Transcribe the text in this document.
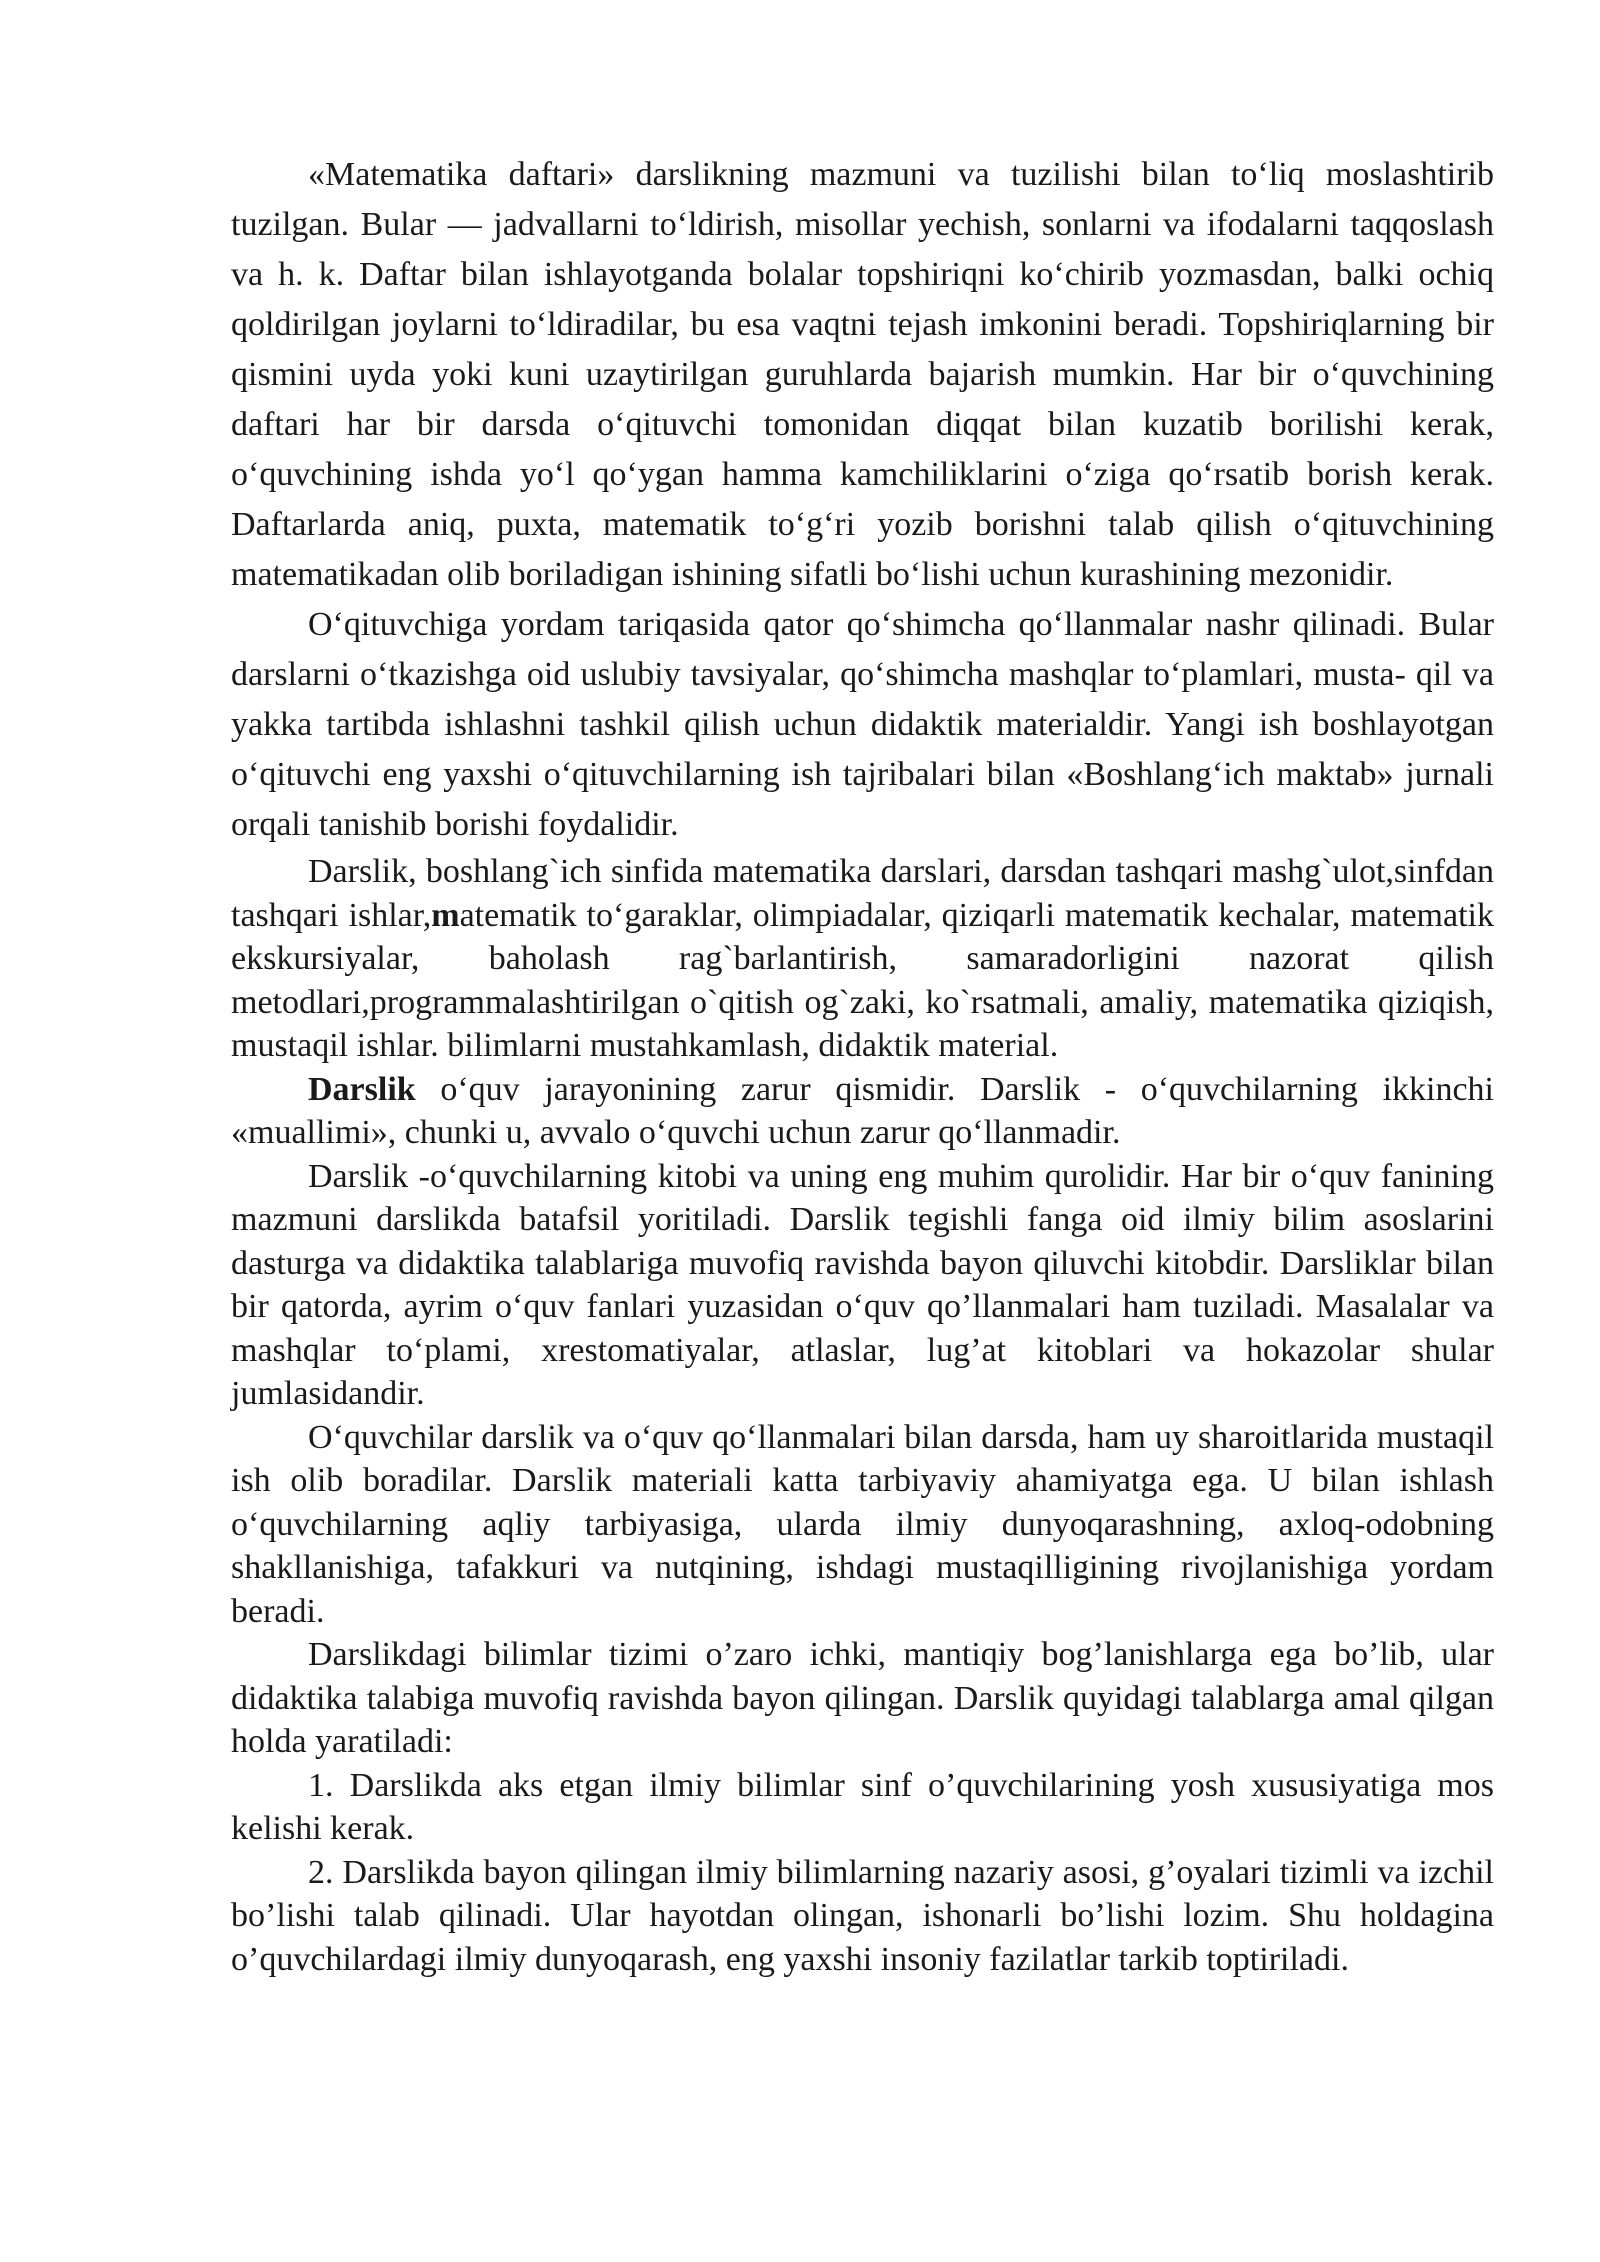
«Matematika daftari» darslikning mazmuni va tuzilishi bilan to‘liq moslashtirib tuzilgan. Bular — jadvallarni to‘ldirish, misollar yechish, sonlarni va ifodalarni taqqoslash va h. k. Daftar bilan ishlayotganda bolalar topshiriqni ko‘chirib yozmasdan, balki ochiq qoldirilgan joylarni to‘ldiradilar, bu esa vaqtni tejash imkonini beradi. Topshiriqlarning bir qismini uyda yoki kuni uzaytirilgan guruhlarda bajarish mumkin. Har bir o‘quvchining daftari har bir darsda o‘qituvchi tomonidan diqqat bilan kuzatib borilishi kerak, o‘quvchining ishda yo‘l qo‘ygan hamma kamchiliklarini o‘ziga qo‘rsatib borish kerak. Daftarlarda aniq, puxta, matematik to‘g‘ri yozib borishni talab qilish o‘qituvchining matematikadan olib boriladigan ishining sifatli bo‘lishi uchun kurashining mezonidir.

O‘qituvchiga yordam tariqasida qator qo‘shimcha qo‘llanmalar nashr qilinadi. Bular darslarni o‘tkazishga oid uslubiy tavsiyalar, qo‘shimcha mashqlar to‘plamlari, musta- qil va yakka tartibda ishlashni tashkil qilish uchun didaktik materialdir. Yangi ish boshlayotgan o‘qituvchi eng yaxshi o‘qituvchilarning ish tajribalari bilan «Boshlang‘ich maktab» jurnali orqali tanishib borishi foydalidir.

Darslik, boshlang`ich sinfida matematika darslari, darsdan tashqari mashg`ulot,sinfdan tashqari ishlar,matematik to‘garaklar, olimpiadalar, qiziqarli matematik kechalar, matematik ekskursiyalar, baholash rag`barlantirish, samaradorligini nazorat qilish metodlari,programmalashtirilgan o`qitish og`zaki, ko`rsatmali, amaliy, matematika qiziqish, mustaqil ishlar. bilimlarni mustahkamlash, didaktik material.

Darslik o‘quv jarayonining zarur qismidir. Darslik - o‘quvchilarning ikkinchi «muallimi», chunki u, avvalo o‘quvchi uchun zarur qo‘llanmadir.

Darslik -o‘quvchilarning kitobi va uning eng muhim qurolidir. Har bir o‘quv fanining mazmuni darslikda batafsil yoritiladi. Darslik tegishli fanga oid ilmiy bilim asoslarini dasturga va didaktika talablariga muvofiq ravishda bayon qiluvchi kitobdir. Darsliklar bilan bir qatorda, ayrim o‘quv fanlari yuzasidan o‘quv qo’llanmalari ham tuziladi. Masalalar va mashqlar to‘plami, xrestomatiyalar, atlaslar, lug’at kitoblari va hokazolar shular jumlasidandir.

O‘quvchilar darslik va o‘quv qo‘llanmalari bilan darsda, ham uy sharoitlarida mustaqil ish olib boradilar. Darslik materiali katta tarbiyaviy ahamiyatga ega. U bilan ishlash o‘quvchilarning aqliy tarbiyasiga, ularda ilmiy dunyoqarashning, axloq-odobning shakllanishiga, tafakkuri va nutqining, ishdagi mustaqilligining rivojlanishiga yordam beradi.

Darslikdagi bilimlar tizimi o’zaro ichki, mantiqiy bog’lanishlarga ega bo’lib, ular didaktika talabiga muvofiq ravishda bayon qilingan. Darslik quyidagi talablarga amal qilgan holda yaratiladi:

1. Darslikda aks etgan ilmiy bilimlar sinf o’quvchilarining yosh xususiyatiga mos kelishi kerak.

2. Darslikda bayon qilingan ilmiy bilimlarning nazariy asosi, g’oyalari tizimli va izchil bo’lishi talab qilinadi. Ular hayotdan olingan, ishonarli bo’lishi lozim. Shu holdagina o’quvchilardagi ilmiy dunyoqarash, eng yaxshi insoniy fazilatlar tarkib toptiriladi.
